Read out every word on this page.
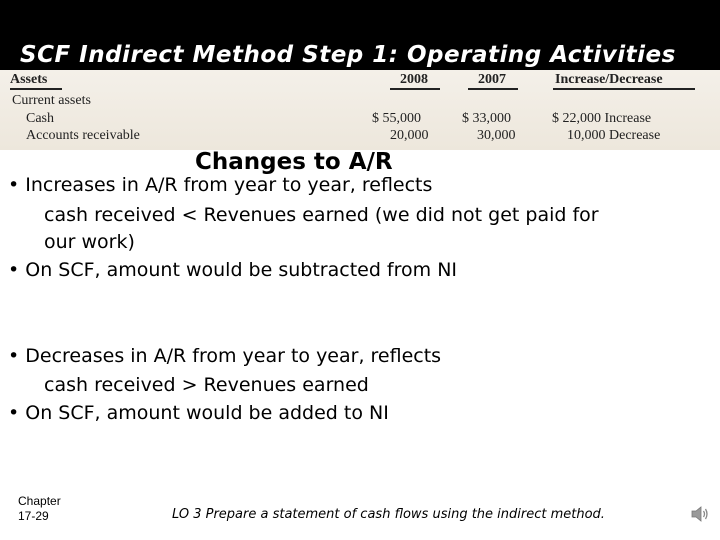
Assets	2008	2007	Increase/Decrease
Current assets
Cash	$ 55,000	$ 33,000	$ 22,000 Increase
Accounts receivable	20,000	30,000	10,000 Decrease
SCF Indirect Method Step 1: Operating Activities
Changes to A/R
• Increases in A/R from year to year, reflects
cash received < Revenues earned (we did not get paid for
our work)
• On SCF, amount would be subtracted from NI
• Decreases in A/R from year to year, reflects
cash received > Revenues earned
• On SCF, amount would be added to NI
Chapter
17-29	LO 3 Prepare a statement of cash flows using the indirect method.
